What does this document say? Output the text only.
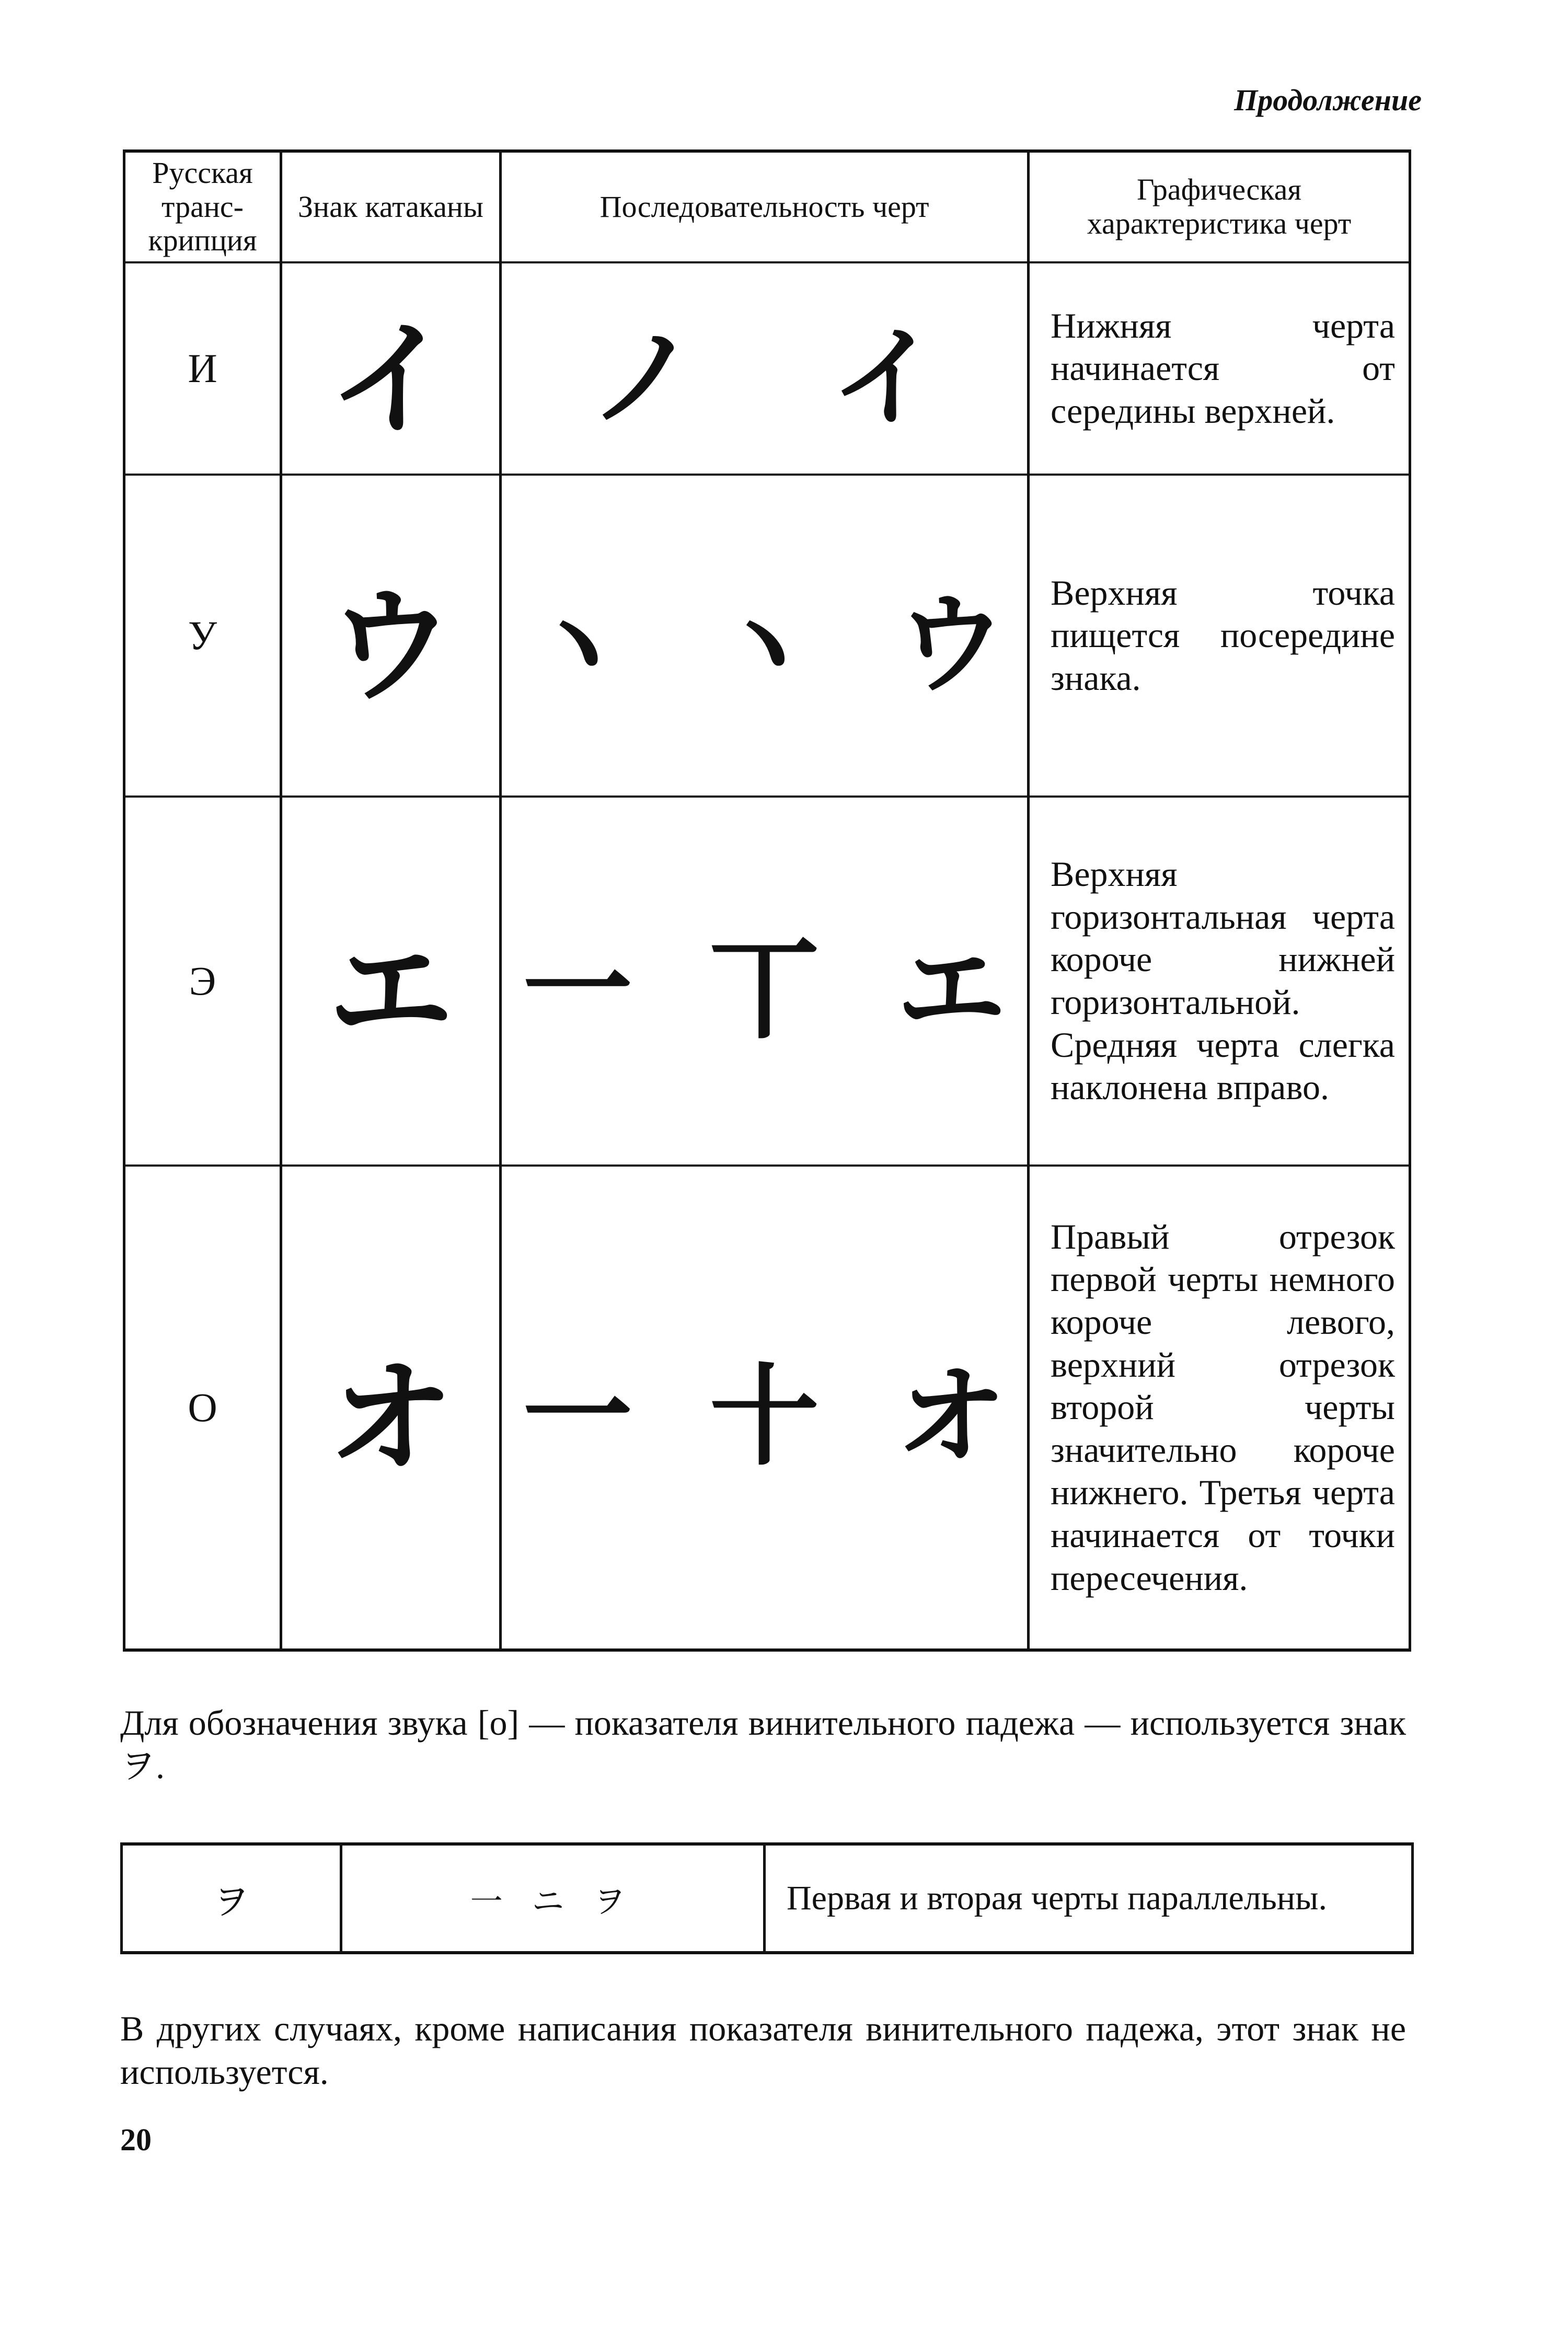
Продолжение
Русская транс-крипция	Знак катаканы	Последовательность черт	Графическая характеристика черт
И	イ	ノ イ	Нижняя черта начинается от середины верхней.
У	ウ	ヽ ヽ ウ	Верхняя точка пищется посередине знака.
Э	エ	一 丅 エ	Верхняя горизонтальная черта короче нижней горизонтальной. Средняя черта слегка наклонена вправо.
О	オ	一 十 オ	Правый отрезок первой черты немного короче левого, верхний отрезок второй черты значительно короче нижнего. Третья черта начинается от точки пересечения.
Для обозначения звука [о] — показателя винительного падежа — используется знак ヲ.
ヲ	一 ニ ヲ	Первая и вторая черты параллельны.
В других случаях, кроме написания показателя винительного падежа, этот знак не используется.
20
